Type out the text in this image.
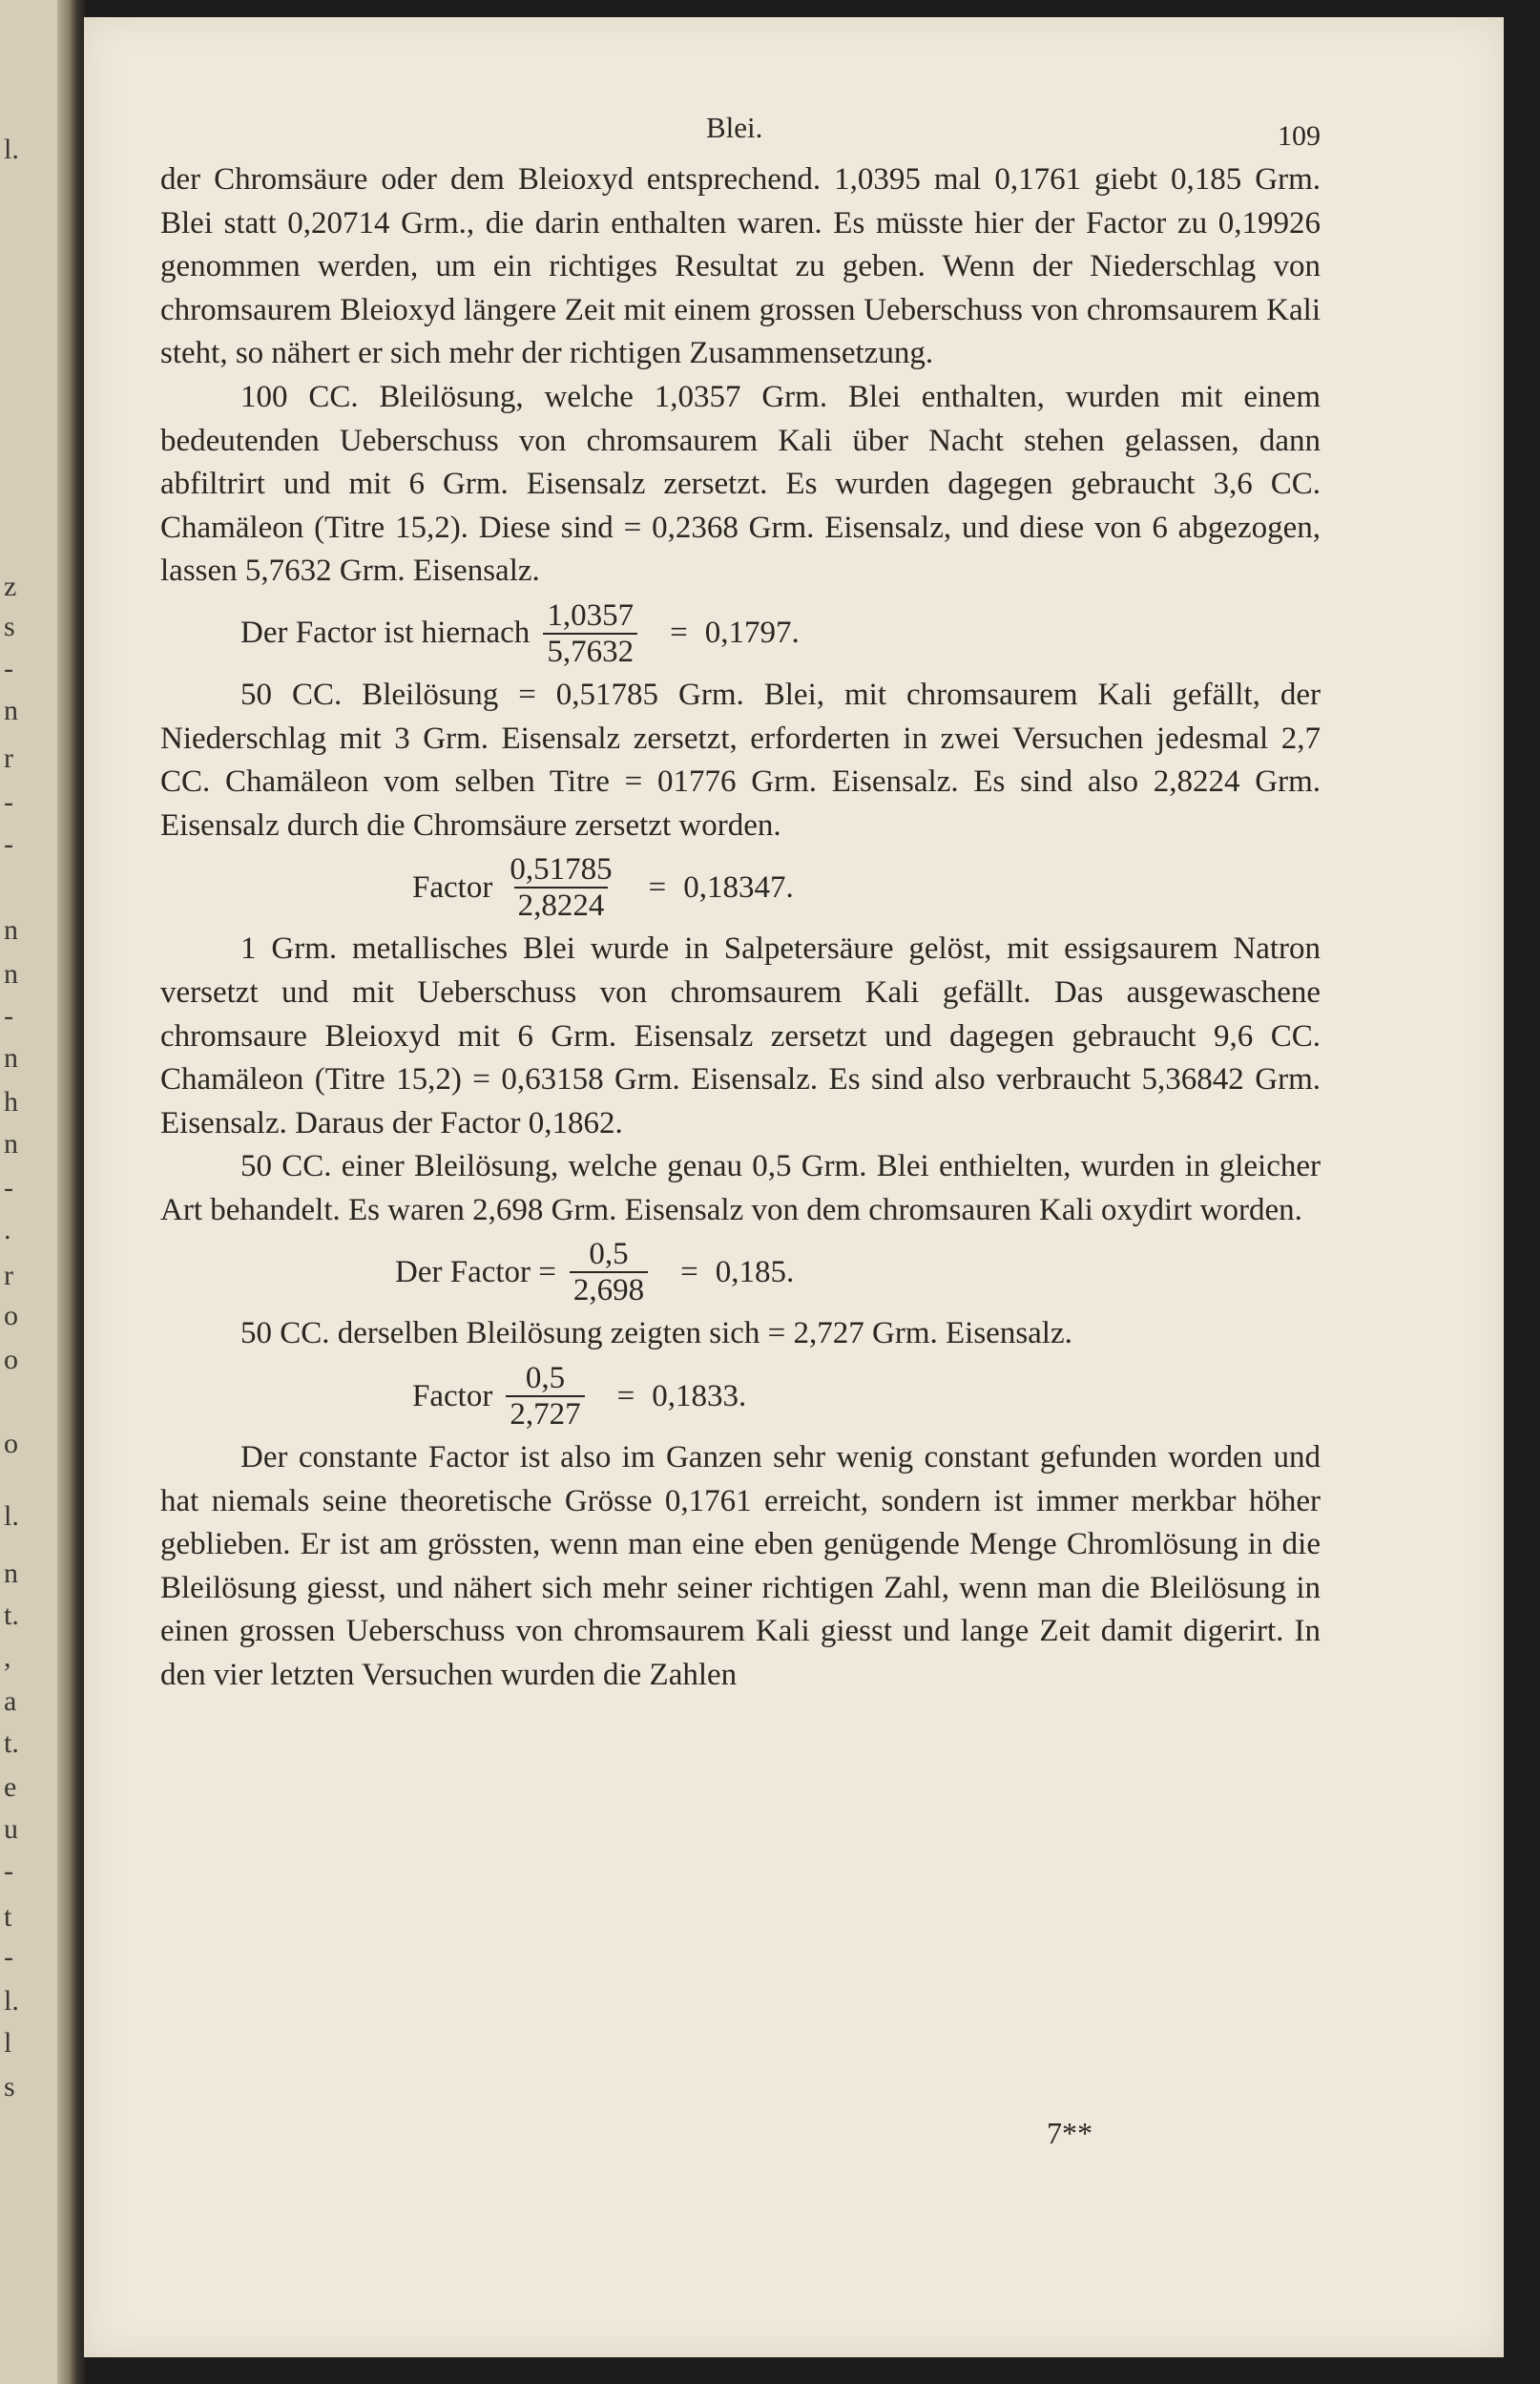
l.
z
s
-
n
r
-
-
n
n
-
n
h
n
-
.
r
o
o
o
l.
n
t.
,
a
t.
e
u
-
t
-
l.
l
s
Blei.	109

der Chromsäure oder dem Bleioxyd entsprechend. 1,0395 mal 0,1761 giebt 0,185 Grm. Blei statt 0,20714 Grm., die darin enthalten waren. Es müsste hier der Factor zu 0,19926 genommen werden, um ein richtiges Resultat zu geben. Wenn der Niederschlag von chromsaurem Bleioxyd längere Zeit mit einem grossen Ueberschuss von chromsaurem Kali steht, so nähert er sich mehr der richtigen Zusammensetzung.

100 CC. Bleilösung, welche 1,0357 Grm. Blei enthalten, wurden mit einem bedeutenden Ueberschuss von chromsaurem Kali über Nacht stehen gelassen, dann abfiltrirt und mit 6 Grm. Eisensalz zersetzt. Es wurden dagegen gebraucht 3,6 CC. Chamäleon (Titre 15,2). Diese sind = 0,2368 Grm. Eisensalz, und diese von 6 abgezogen, lassen 5,7632 Grm. Eisensalz.

Der Factor ist hiernach $\frac{1,0357}{5,7632} = 0,1797$.

50 CC. Bleilösung = 0,51785 Grm. Blei, mit chromsaurem Kali gefällt, der Niederschlag mit 3 Grm. Eisensalz zersetzt, erforderten in zwei Versuchen jedesmal 2,7 CC. Chamäleon vom selben Titre = 01776 Grm. Eisensalz. Es sind also 2,8224 Grm. Eisensalz durch die Chromsäure zersetzt worden.

Factor $\frac{0,51785}{2,8224} = 0,18347$.

1 Grm. metallisches Blei wurde in Salpetersäure gelöst, mit essigsaurem Natron versetzt und mit Ueberschuss von chromsaurem Kali gefällt. Das ausgewaschene chromsaure Bleioxyd mit 6 Grm. Eisensalz zersetzt und dagegen gebraucht 9,6 CC. Chamäleon (Titre 15,2) = 0,63158 Grm. Eisensalz. Es sind also verbraucht 5,36842 Grm. Eisensalz. Daraus der Factor 0,1862.

50 CC. einer Bleilösung, welche genau 0,5 Grm. Blei enthielten, wurden in gleicher Art behandelt. Es waren 2,698 Grm. Eisensalz von dem chromsauren Kali oxydirt worden.

Der Factor = $\frac{0,5}{2,698} = 0,185$.

50 CC. derselben Bleilösung zeigten sich = 2,727 Grm. Eisensalz.

Factor $\frac{0,5}{2,727} = 0,1833$.

Der constante Factor ist also im Ganzen sehr wenig constant gefunden worden und hat niemals seine theoretische Grösse 0,1761 erreicht, sondern ist immer merkbar höher geblieben. Er ist am grössten, wenn man eine eben genügende Menge Chromlösung in die Bleilösung giesst, und nähert sich mehr seiner richtigen Zahl, wenn man die Bleilösung in einen grossen Ueberschuss von chromsaurem Kali giesst und lange Zeit damit digerirt. In den vier letzten Versuchen wurden die Zahlen

7**
